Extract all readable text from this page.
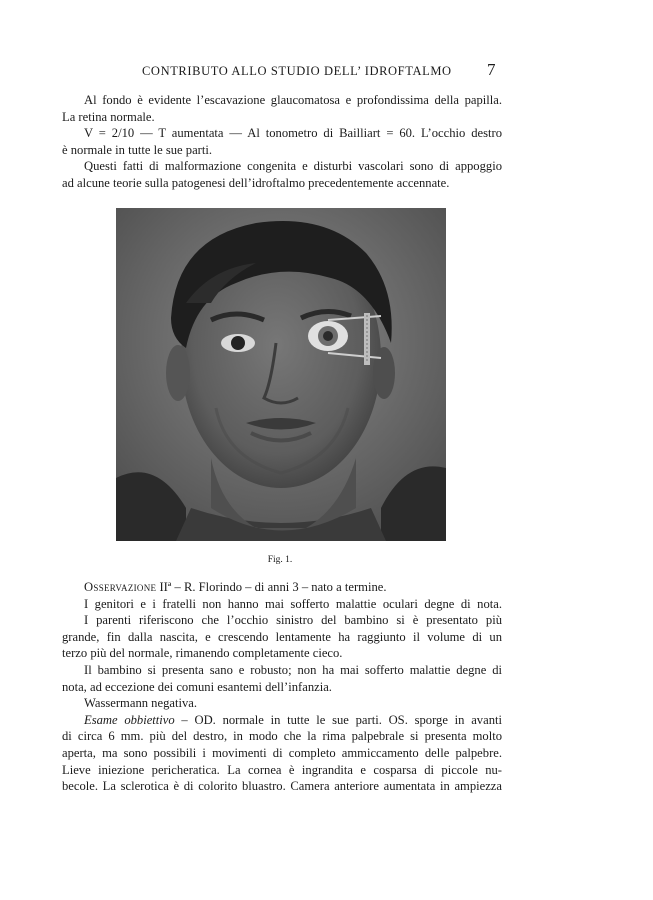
CONTRIBUTO ALLO STUDIO DELL’ IDROFTALMO 7
Al fondo è evidente l’escavazione glaucomatosa e profondissima della papilla.
La retina normale.
V = 2/10 — T aumentata — Al tonometro di Bailliart = 60. L’occhio destro
è normale in tutte le sue parti.
Questi fatti di malformazione congenita e disturbi vascolari sono di appoggio
ad alcune teorie sulla patogenesi dell’idroftalmo precedentemente accennate.
Fig. 1.
Osservazione IIª – R. Florindo – di anni 3 – nato a termine.
I genitori e i fratelli non hanno mai sofferto malattie oculari degne di nota.
I parenti riferiscono che l’occhio sinistro del bambino si è presentato più
grande, fin dalla nascita, e crescendo lentamente ha raggiunto il volume di un
terzo più del normale, rimanendo completamente cieco.
Il bambino si presenta sano e robusto; non ha mai sofferto malattie degne di
nota, ad eccezione dei comuni esantemi dell’infanzia.
Wassermann negativa.
Esame obbiettivo – OD. normale in tutte le sue parti. OS. sporge in avanti
di circa 6 mm. più del destro, in modo che la rima palpebrale si presenta molto
aperta, ma sono possibili i movimenti di completo ammiccamento delle palpebre.
Lieve iniezione pericheratica. La cornea è ingrandita e cosparsa di piccole nu-
becole. La sclerotica è di colorito bluastro. Camera anteriore aumentata in ampiezza
